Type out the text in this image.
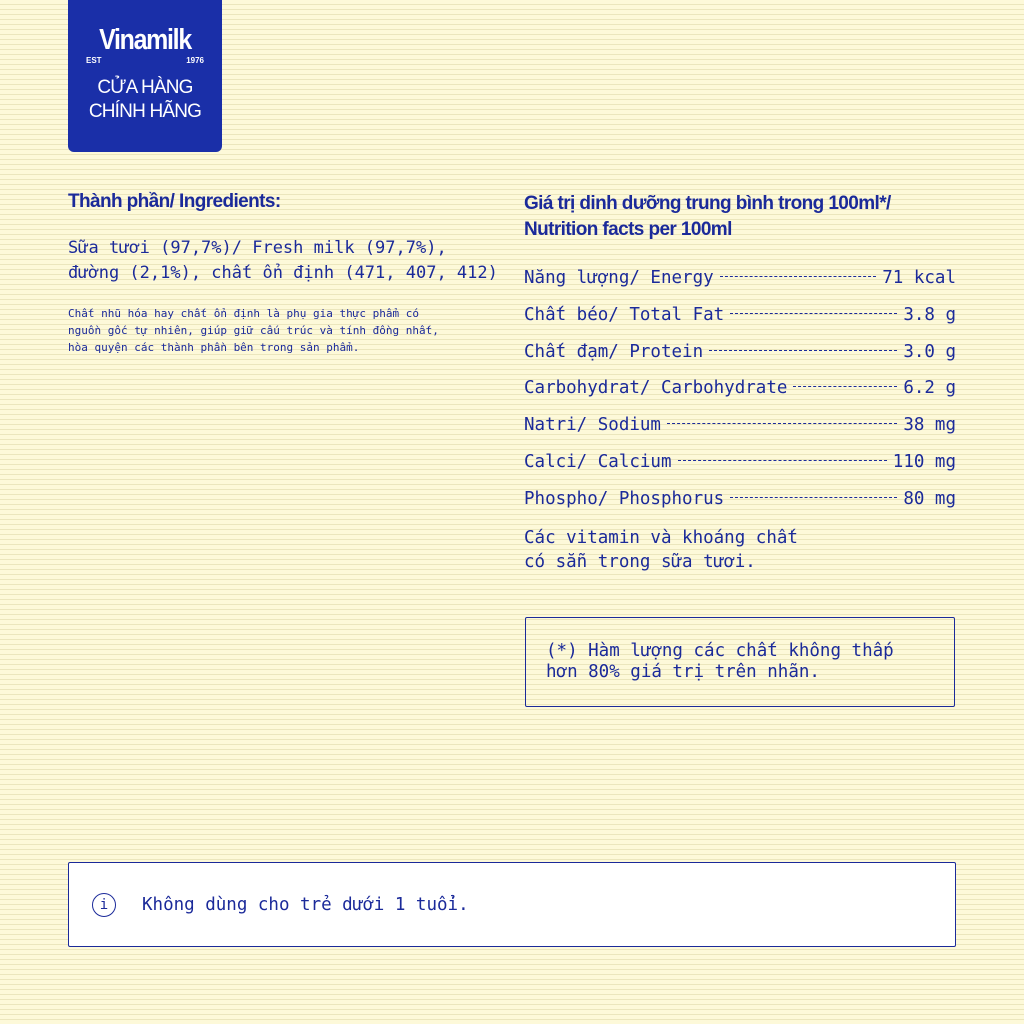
Vinamilk
EST	1976
CỬA HÀNG
CHÍNH HÃNG
Thành phần/ Ingredients:

Sữa tươi (97,7%)/ Fresh milk (97,7%),
đường (2,1%), chất ổn định (471, 407, 412)

Chất nhũ hóa hay chất ổn định là phụ gia thực phẩm có
nguồn gốc tự nhiên, giúp giữ cấu trúc và tính đồng nhất,
hòa quyện các thành phần bên trong sản phẩm.

Giá trị dinh dưỡng trung bình trong 100ml*/
Nutrition facts per 100ml
Năng lượng/ Energy	71 kcal
Chất béo/ Total Fat	3.8 g
Chất đạm/ Protein	3.0 g
Carbohydrat/ Carbohydrate	6.2 g
Natri/ Sodium	38 mg
Calci/ Calcium	110 mg
Phospho/ Phosphorus	80 mg

Các vitamin và khoáng chất
có sẵn trong sữa tươi.

(*) Hàm lượng các chất không thấp
hơn 80% giá trị trên nhãn.
i	Không dùng cho trẻ dưới 1 tuổi.
